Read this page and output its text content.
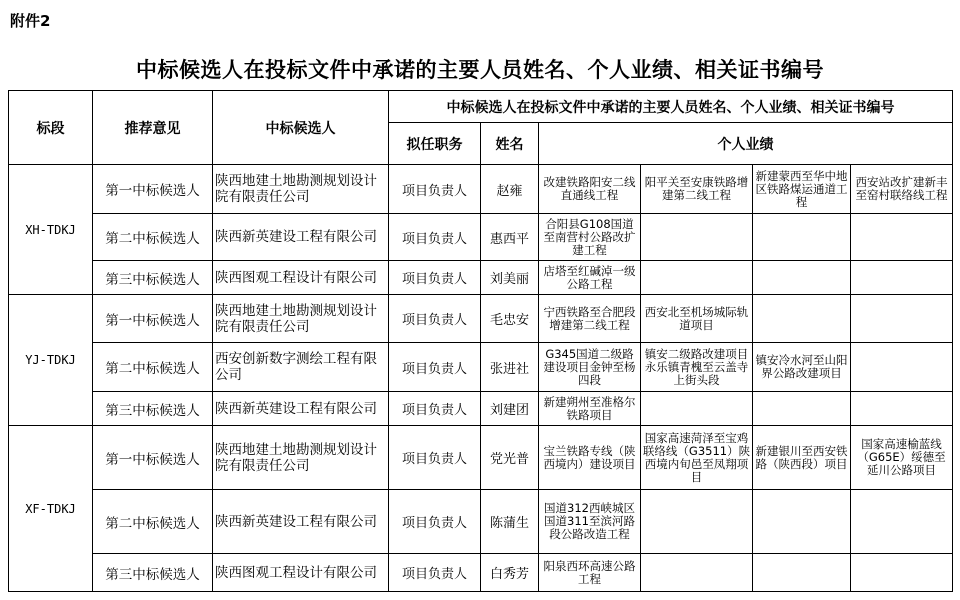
附件2
中标候选人在投标文件中承诺的主要人员姓名、个人业绩、相关证书编号
标段	推荐意见	中标候选人	中标候选人在投标文件中承诺的主要人员姓名、个人业绩、相关证书编号					
			拟任职务	姓名	个人业绩			
XH-TDKJ	第一中标候选人	陕西地建土地勘测规划设计院有限责任公司	项目负责人	赵雍	改建铁路阳安二线直通线工程	阳平关至安康铁路增建第二线工程	新建蒙西至华中地区铁路煤运通道工程	西安站改扩建新丰至窑村联络线工程
	第二中标候选人	陕西新英建设工程有限公司	项目负责人	惠西平	合阳县G108国道至南营村公路改扩建工程			
	第三中标候选人	陕西图观工程设计有限公司	项目负责人	刘美丽	店塔至红碱淖一级公路工程			
YJ-TDKJ	第一中标候选人	陕西地建土地勘测规划设计院有限责任公司	项目负责人	毛忠安	宁西铁路至合肥段增建第二线工程	西安北至机场城际轨道项目		
	第二中标候选人	西安创新数字测绘工程有限公司	项目负责人	张进社	G345国道二级路建设项目金钟至杨四段	镇安二级路改建项目永乐镇青槐至云盖寺上街头段	镇安冷水河至山阳界公路改建项目	
	第三中标候选人	陕西新英建设工程有限公司	项目负责人	刘建团	新建朔州至准格尔铁路项目			
XF-TDKJ	第一中标候选人	陕西地建土地勘测规划设计院有限责任公司	项目负责人	党光普	宝兰铁路专线（陕西境内）建设项目	国家高速菏泽至宝鸡联络线（G3511）陕西境内旬邑至凤翔项目	新建银川至西安铁路（陕西段）项目	国家高速榆蓝线（G65E）绥德至延川公路项目
	第二中标候选人	陕西新英建设工程有限公司	项目负责人	陈蒲生	国道312西峡城区国道311至滨河路段公路改造工程			
	第三中标候选人	陕西图观工程设计有限公司	项目负责人	白秀芳	阳泉西环高速公路工程			
